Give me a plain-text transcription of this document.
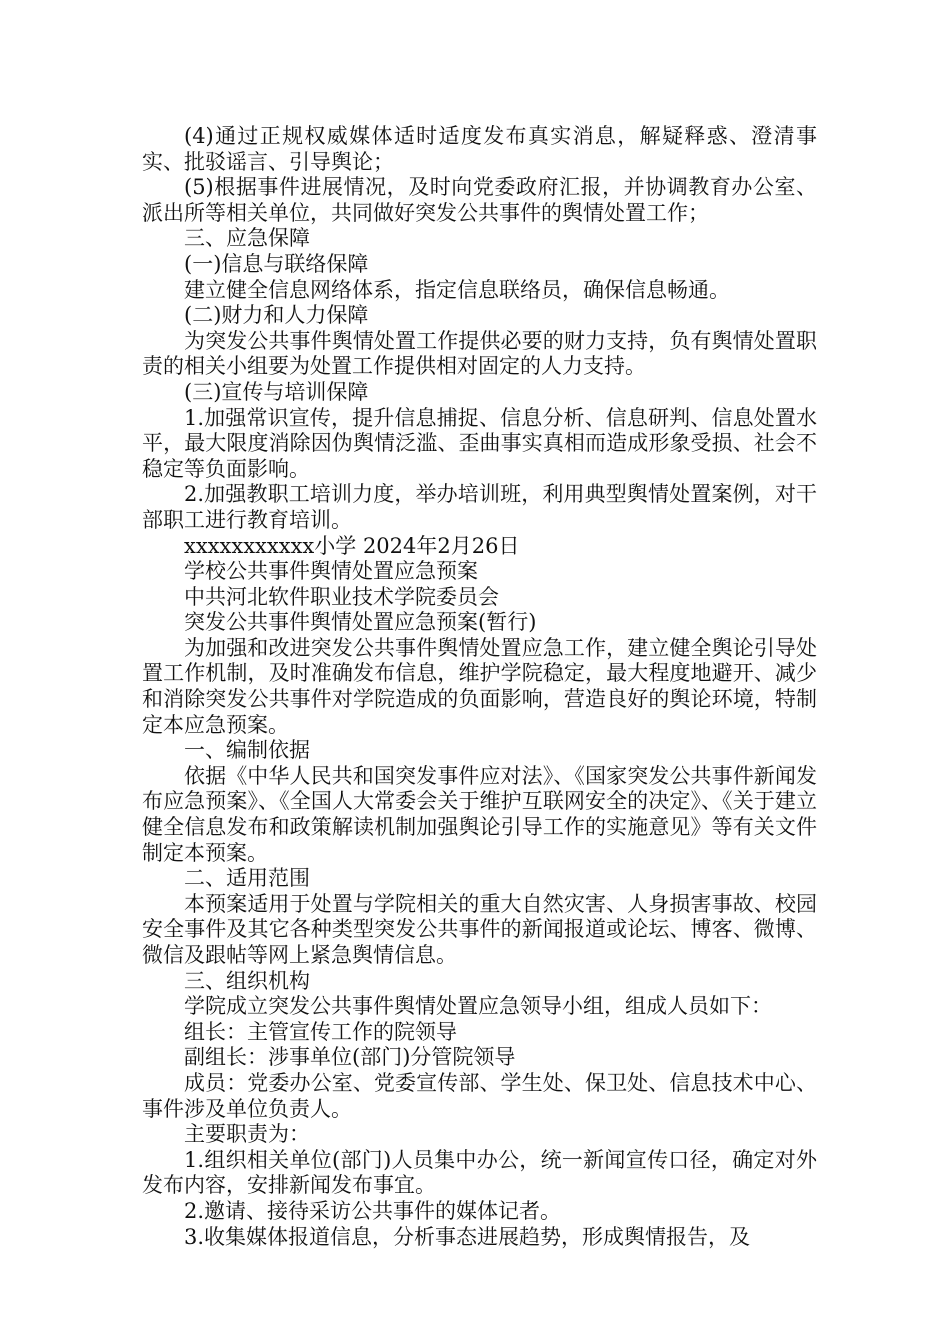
(4)通过正规权威媒体适时适度发布真实消息，解疑释惑、澄清事实、批驳谣言、引导舆论；

(5)根据事件进展情况，及时向党委政府汇报，并协调教育办公室、派出所等相关单位，共同做好突发公共事件的舆情处置工作；

三、应急保障

(一)信息与联络保障

建立健全信息网络体系，指定信息联络员，确保信息畅通。

(二)财力和人力保障

为突发公共事件舆情处置工作提供必要的财力支持，负有舆情处置职责的相关小组要为处置工作提供相对固定的人力支持。

(三)宣传与培训保障

1.加强常识宣传，提升信息捕捉、信息分析、信息研判、信息处置水平，最大限度消除因伪舆情泛滥、歪曲事实真相而造成形象受损、社会不稳定等负面影响。

2.加强教职工培训力度，举办培训班，利用典型舆情处置案例，对干部职工进行教育培训。

xxxxxxxxxxx小学 2024年2月26日

学校公共事件舆情处置应急预案

中共河北软件职业技术学院委员会

突发公共事件舆情处置应急预案(暂行)

为加强和改进突发公共事件舆情处置应急工作，建立健全舆论引导处置工作机制，及时准确发布信息，维护学院稳定，最大程度地避开、减少和消除突发公共事件对学院造成的负面影响，营造良好的舆论环境，特制定本应急预案。

一、编制依据

依据《中华人民共和国突发事件应对法》、《国家突发公共事件新闻发布应急预案》、《全国人大常委会关于维护互联网安全的决定》、《关于建立健全信息发布和政策解读机制加强舆论引导工作的实施意见》等有关文件制定本预案。

二、适用范围

本预案适用于处置与学院相关的重大自然灾害、人身损害事故、校园安全事件及其它各种类型突发公共事件的新闻报道或论坛、博客、微博、微信及跟帖等网上紧急舆情信息。

三、组织机构

学院成立突发公共事件舆情处置应急领导小组，组成人员如下：

组长：主管宣传工作的院领导

副组长：涉事单位(部门)分管院领导

成员：党委办公室、党委宣传部、学生处、保卫处、信息技术中心、事件涉及单位负责人。

主要职责为：

1.组织相关单位(部门)人员集中办公，统一新闻宣传口径，确定对外发布内容，安排新闻发布事宜。

2.邀请、接待采访公共事件的媒体记者。

3.收集媒体报道信息，分析事态进展趋势，形成舆情报告，及
